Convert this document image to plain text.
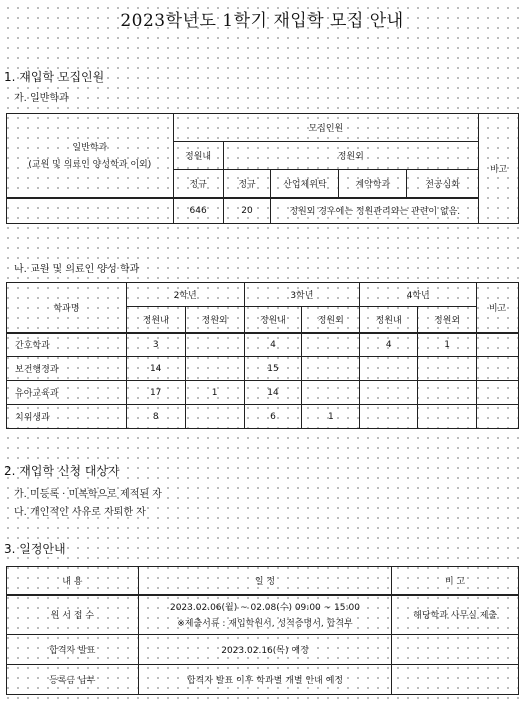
2023학년도 1학기 재입학 모집 안내
1. 재입학 모집인원
가. 일반학과
일반학과
(교원 및 의료인 양성학과 이외)	모집인원					비고
	정원내	정원외				
	정규	정규	산업체위탁	계약학과	전공심화	
	646	20	정원외 경우에는 정원관리와는 관련이 없음.			
나. 교원 및 의료인 양성 학과
학과명	2학년		3학년		4학년		비고
	정원내	정원외	정원내	정원외	정원내	정원외	
간호학과	3		4		4	1	
보건행정과	14		15				
유아교육과	17	1	14				
치위생과	8		6	1			
2. 재입학 신청 대상자
가. 미등록 · 미복학으로 제적된 자
나. 개인적인 사유로 자퇴한 자
3. 일정안내
내 용	일 정	비 고
원 서 접 수	2023.02.06(월) ~ 02.08(수) 09:00 ~ 15:00
※제출서류 : 재입학원서, 성적증명서, 합격부	해당학과 사무실 제출
합격자 발표	2023.02.16(목) 예정	
등록금 납부	합격자 발표 이후 학과별 개별 안내 예정	
